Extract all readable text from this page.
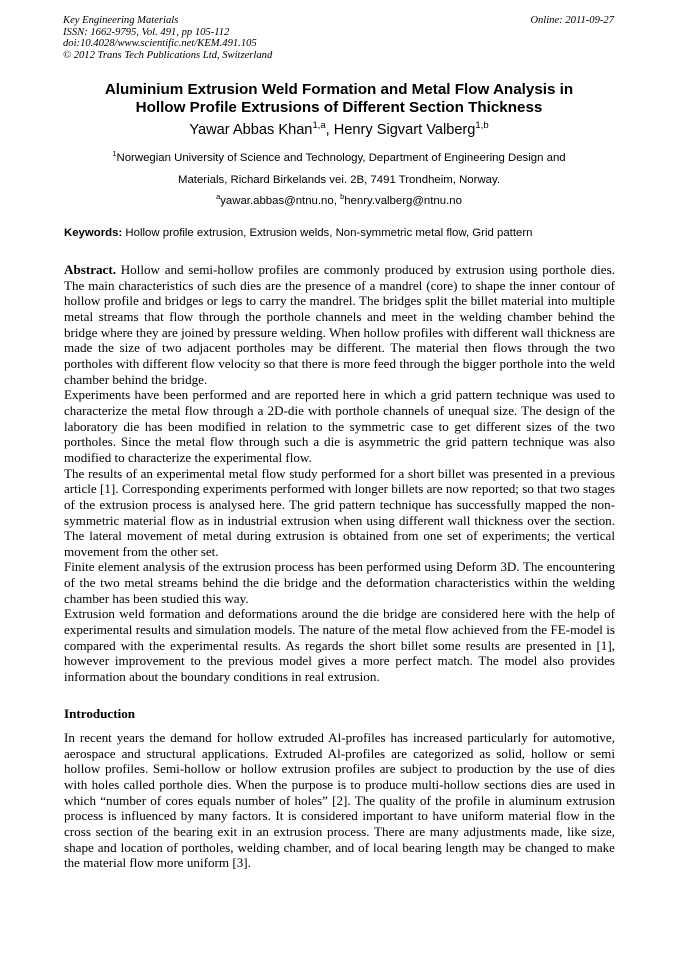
Key Engineering Materials
ISSN: 1662-9795, Vol. 491, pp 105-112
doi:10.4028/www.scientific.net/KEM.491.105
© 2012 Trans Tech Publications Ltd, Switzerland
Online: 2011-09-27
Aluminium Extrusion Weld Formation and Metal Flow Analysis in
Hollow Profile Extrusions of Different Section Thickness
Yawar Abbas Khan$^{1,a}$, Henry Sigvart Valberg$^{1,b}$
$^1$Norwegian University of Science and Technology, Department of Engineering Design and
Materials, Richard Birkelands vei. 2B, 7491 Trondheim, Norway.
$^a$yawar.abbas@ntnu.no, $^b$henry.valberg@ntnu.no
Keywords: Hollow profile extrusion, Extrusion welds, Non-symmetric metal flow, Grid pattern

Abstract. Hollow and semi-hollow profiles are commonly produced by extrusion using porthole dies. The main characteristics of such dies are the presence of a mandrel (core) to shape the inner contour of hollow profile and bridges or legs to carry the mandrel. The bridges split the billet material into multiple metal streams that flow through the porthole channels and meet in the welding chamber behind the bridge where they are joined by pressure welding. When hollow profiles with different wall thickness are made the size of two adjacent portholes may be different. The material then flows through the two portholes with different flow velocity so that there is more feed through the bigger porthole into the weld chamber behind the bridge.

Experiments have been performed and are reported here in which a grid pattern technique was used to characterize the metal flow through a 2D-die with porthole channels of unequal size. The design of the laboratory die has been modified in relation to the symmetric case to get different sizes of the two portholes. Since the metal flow through such a die is asymmetric the grid pattern technique was also modified to characterize the experimental flow.

The results of an experimental metal flow study performed for a short billet was presented in a previous article [1]. Corresponding experiments performed with longer billets are now reported; so that two stages of the extrusion process is analysed here. The grid pattern technique has successfully mapped the non-symmetric material flow as in industrial extrusion when using different wall thickness over the section. The lateral movement of metal during extrusion is obtained from one set of experiments; the vertical movement from the other set.

Finite element analysis of the extrusion process has been performed using Deform 3D. The encountering of the two metal streams behind the die bridge and the deformation characteristics within the welding chamber has been studied this way.

Extrusion weld formation and deformations around the die bridge are considered here with the help of experimental results and simulation models. The nature of the metal flow achieved from the FE-model is compared with the experimental results. As regards the short billet some results are presented in [1], however improvement to the previous model gives a more perfect match. The model also provides information about the boundary conditions in real extrusion.

Introduction

In recent years the demand for hollow extruded Al-profiles has increased particularly for automotive, aerospace and structural applications. Extruded Al-profiles are categorized as solid, hollow or semi hollow profiles. Semi-hollow or hollow extrusion profiles are subject to production by the use of dies with holes called porthole dies. When the purpose is to produce multi-hollow sections dies are used in which “number of cores equals number of holes” [2]. The quality of the profile in aluminum extrusion process is influenced by many factors. It is considered important to have uniform material flow in the cross section of the bearing exit in an extrusion process. There are many adjustments made, like size, shape and location of portholes, welding chamber, and of local bearing length may be changed to make the material flow more uniform [3].
